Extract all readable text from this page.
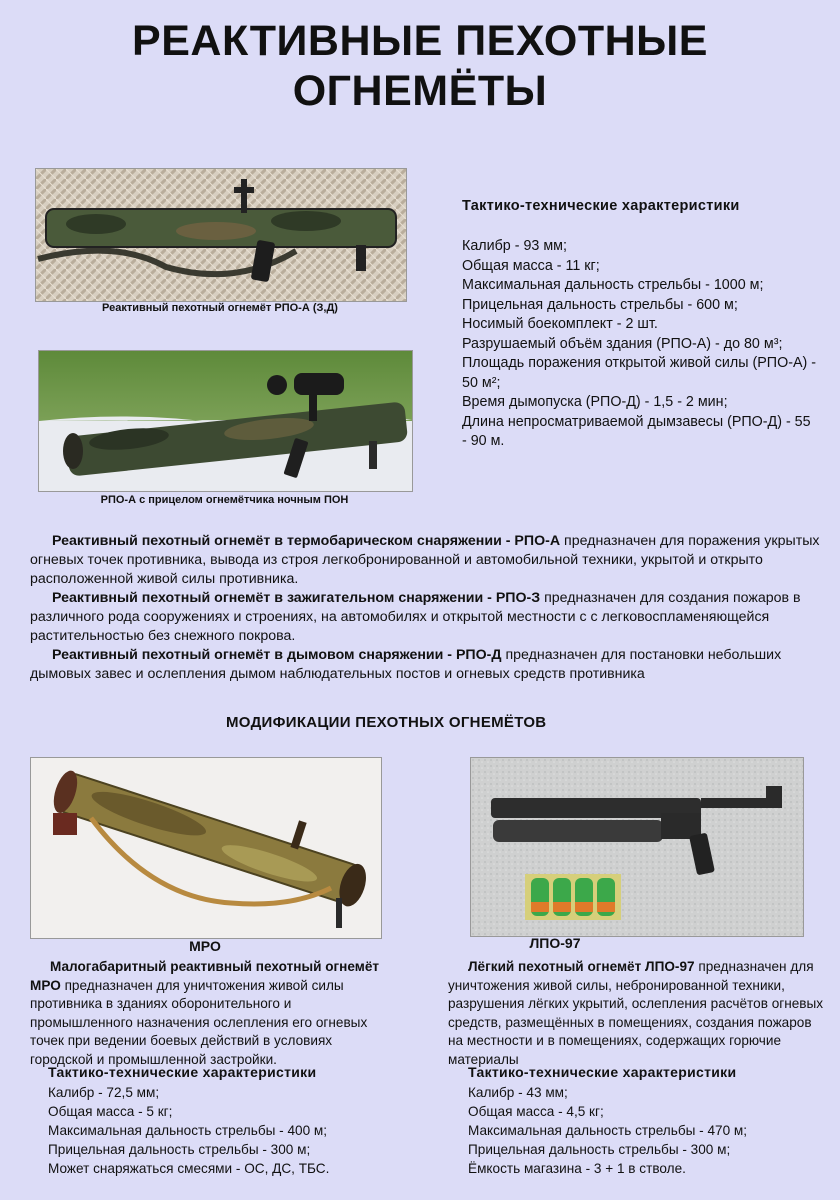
РЕАКТИВНЫЕ ПЕХОТНЫЕ
ОГНЕМЁТЫ
Реактивный пехотный огнемёт РПО-А (З,Д)
РПО-А с прицелом огнемётчика ночным ПОН
Тактико-технические характеристики
Калибр - 93 мм;
Общая масса - 11 кг;
Максимальная дальность стрельбы - 1000 м;
Прицельная дальность стрельбы - 600 м;
Носимый боекомплект - 2 шт.
Разрушаемый объём здания (РПО-А) - до 80 м³;
Площадь поражения открытой живой силы (РПО-А) - 50 м²;
Время дымопуска (РПО-Д) - 1,5 - 2 мин;
Длина непросматриваемой дымзавесы (РПО-Д) - 55 - 90 м.

Реактивный пехотный огнемёт в термобарическом снаряжении - РПО-А предназначен для поражения укрытых огневых точек противника, вывода из строя легкобронированной и автомобильной техники, укрытой и открыто расположенной живой силы противника.

Реактивный пехотный огнемёт в зажигательном снаряжении - РПО-З предназначен для создания пожаров в различного рода сооружениях и строениях, на автомобилях и открытой местности с с легковоспламеняющейся растительностью без снежного покрова.

Реактивный пехотный огнемёт в дымовом снаряжении - РПО-Д предназначен для постановки небольших дымовых завес и ослепления дымом наблюдательных постов и огневых средств противника

МОДИФИКАЦИИ ПЕХОТНЫХ ОГНЕМЁТОВ
МРО	ЛПО-97
Малогабаритный реактивный пехотный огнемёт МРО предназначен для уничтожения живой силы противника в зданиях оборонительного и промышленного назначения ослепления его огневых точек при ведении боевых действий в условиях городской и промышленной застройки.
Тактико-технические характеристики
Калибр - 72,5 мм;
Общая масса - 5 кг;
Максимальная дальность стрельбы - 400 м;
Прицельная дальность стрельбы - 300 м;
Может снаряжаться смесями - ОС, ДС, ТБС.
Лёгкий пехотный огнемёт ЛПО-97 предназначен для уничтожения живой силы, небронированной техники, разрушения лёгких укрытий, ослепления расчётов огневых средств, размещённых в помещениях, создания пожаров на местности и в помещениях, содержащих горючие материалы
Тактико-технические характеристики
Калибр - 43 мм;
Общая масса - 4,5 кг;
Максимальная дальность стрельбы - 470 м;
Прицельная дальность стрельбы - 300 м;
Ёмкость магазина - 3 + 1 в стволе.
